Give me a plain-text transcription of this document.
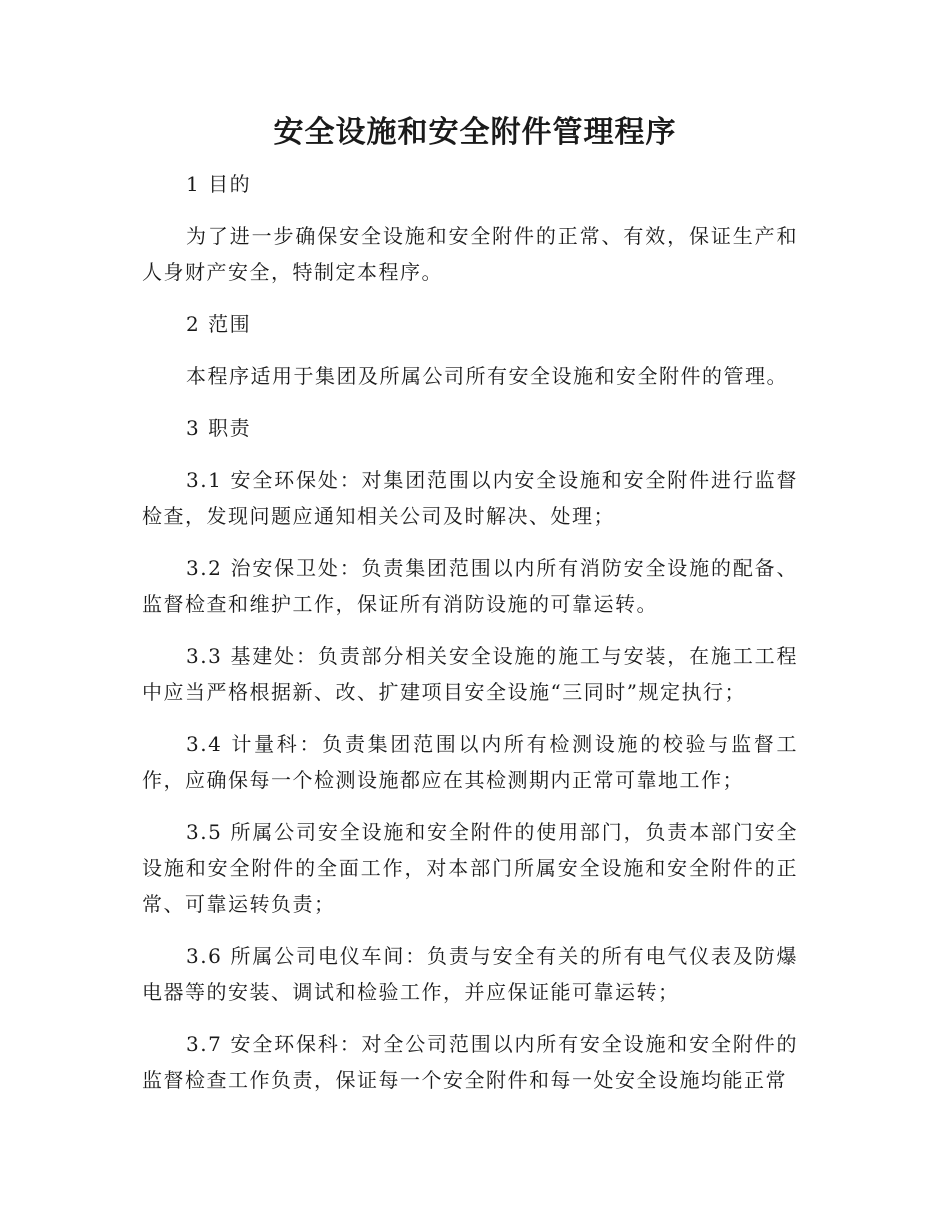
安全设施和安全附件管理程序

1 目的

为了进一步确保安全设施和安全附件的正常、有效，保证生产和人身财产安全，特制定本程序。

2 范围

本程序适用于集团及所属公司所有安全设施和安全附件的管理。

3 职责

3.1 安全环保处：对集团范围以内安全设施和安全附件进行监督检查，发现问题应通知相关公司及时解决、处理；

3.2 治安保卫处：负责集团范围以内所有消防安全设施的配备、监督检查和维护工作，保证所有消防设施的可靠运转。

3.3 基建处：负责部分相关安全设施的施工与安装，在施工工程中应当严格根据新、改、扩建项目安全设施“三同时”规定执行；

3.4 计量科：负责集团范围以内所有检测设施的校验与监督工作，应确保每一个检测设施都应在其检测期内正常可靠地工作；

3.5 所属公司安全设施和安全附件的使用部门，负责本部门安全设施和安全附件的全面工作，对本部门所属安全设施和安全附件的正常、可靠运转负责；

3.6 所属公司电仪车间：负责与安全有关的所有电气仪表及防爆电器等的安装、调试和检验工作，并应保证能可靠运转；

3.7 安全环保科：对全公司范围以内所有安全设施和安全附件的监督检查工作负责，保证每一个安全附件和每一处安全设施均能正常
